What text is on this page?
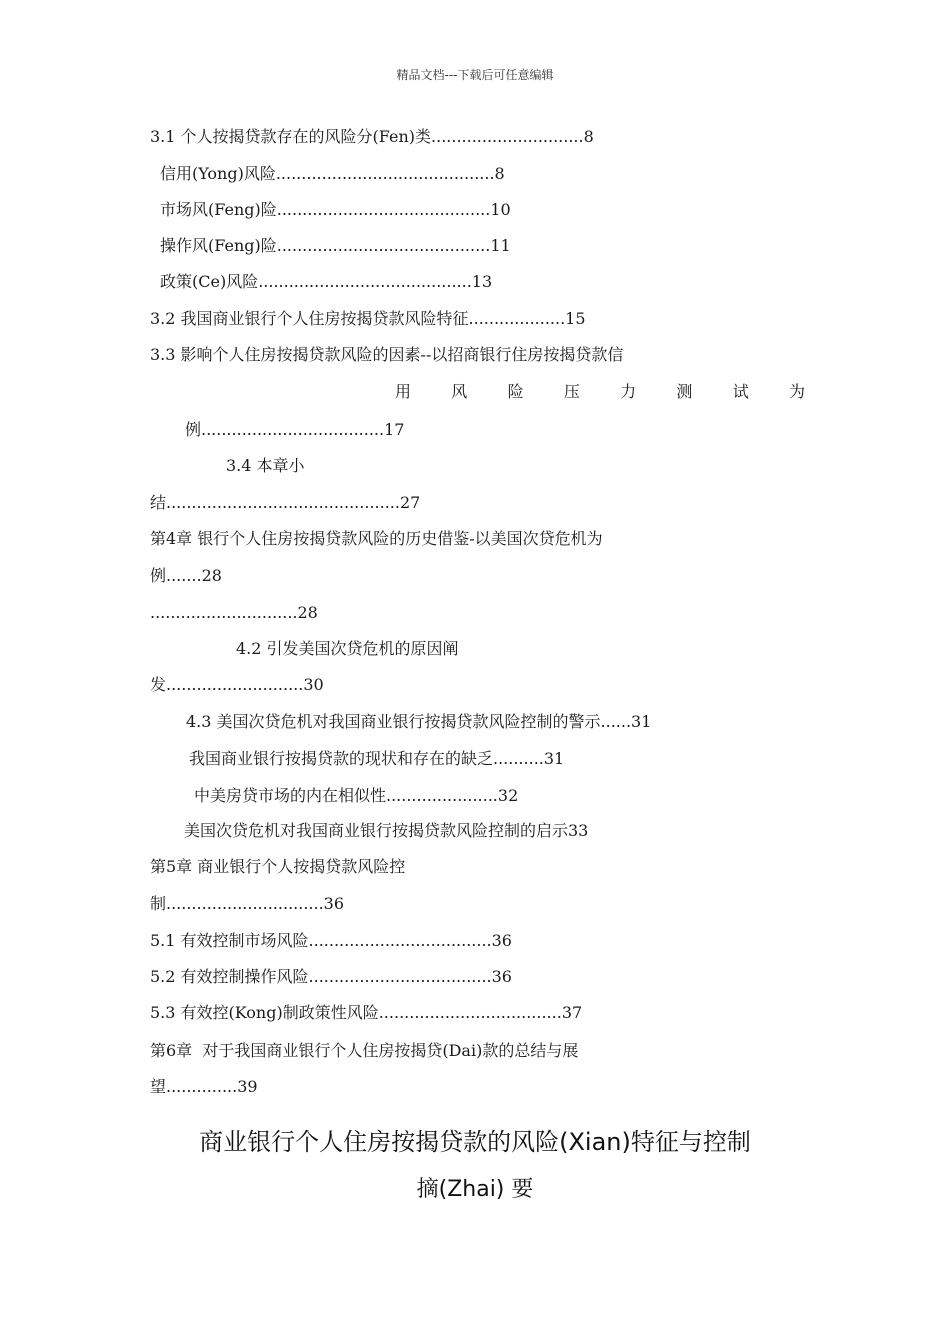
精品文档---下载后可任意编辑
3.1 个人按揭贷款存在的风险分(Fen)类..............................8
信用(Yong)风险...........................................8
市场风(Feng)险..........................................10
操作风(Feng)险..........................................11
政策(Ce)风险..........................................13
3.2 我国商业银行个人住房按揭贷款风险特征...................15
3.3 影响个人住房按揭贷款风险的因素--以招商银行住房按揭贷款信
用	风	险	压	力	测	试	为
例....................................17
3.4 本章小
结..............................................27
第4章 银行个人住房按揭贷款风险的历史借鉴-以美国次贷危机为
例.......28
.............................28
4.2 引发美国次贷危机的原因阐
发...........................30
4.3 美国次贷危机对我国商业银行按揭贷款风险控制的警示......31
我国商业银行按揭贷款的现状和存在的缺乏..........31
中美房贷市场的内在相似性......................32
美国次贷危机对我国商业银行按揭贷款风险控制的启示33
第5章 商业银行个人按揭贷款风险控
制...............................36
5.1 有效控制市场风险....................................36
5.2 有效控制操作风险....................................36
5.3 有效控(Kong)制政策性风险....................................37
第6章  对于我国商业银行个人住房按揭贷(Dai)款的总结与展
望..............39
商业银行个人住房按揭贷款的风险(Xian)特征与控制
摘(Zhai) 要
